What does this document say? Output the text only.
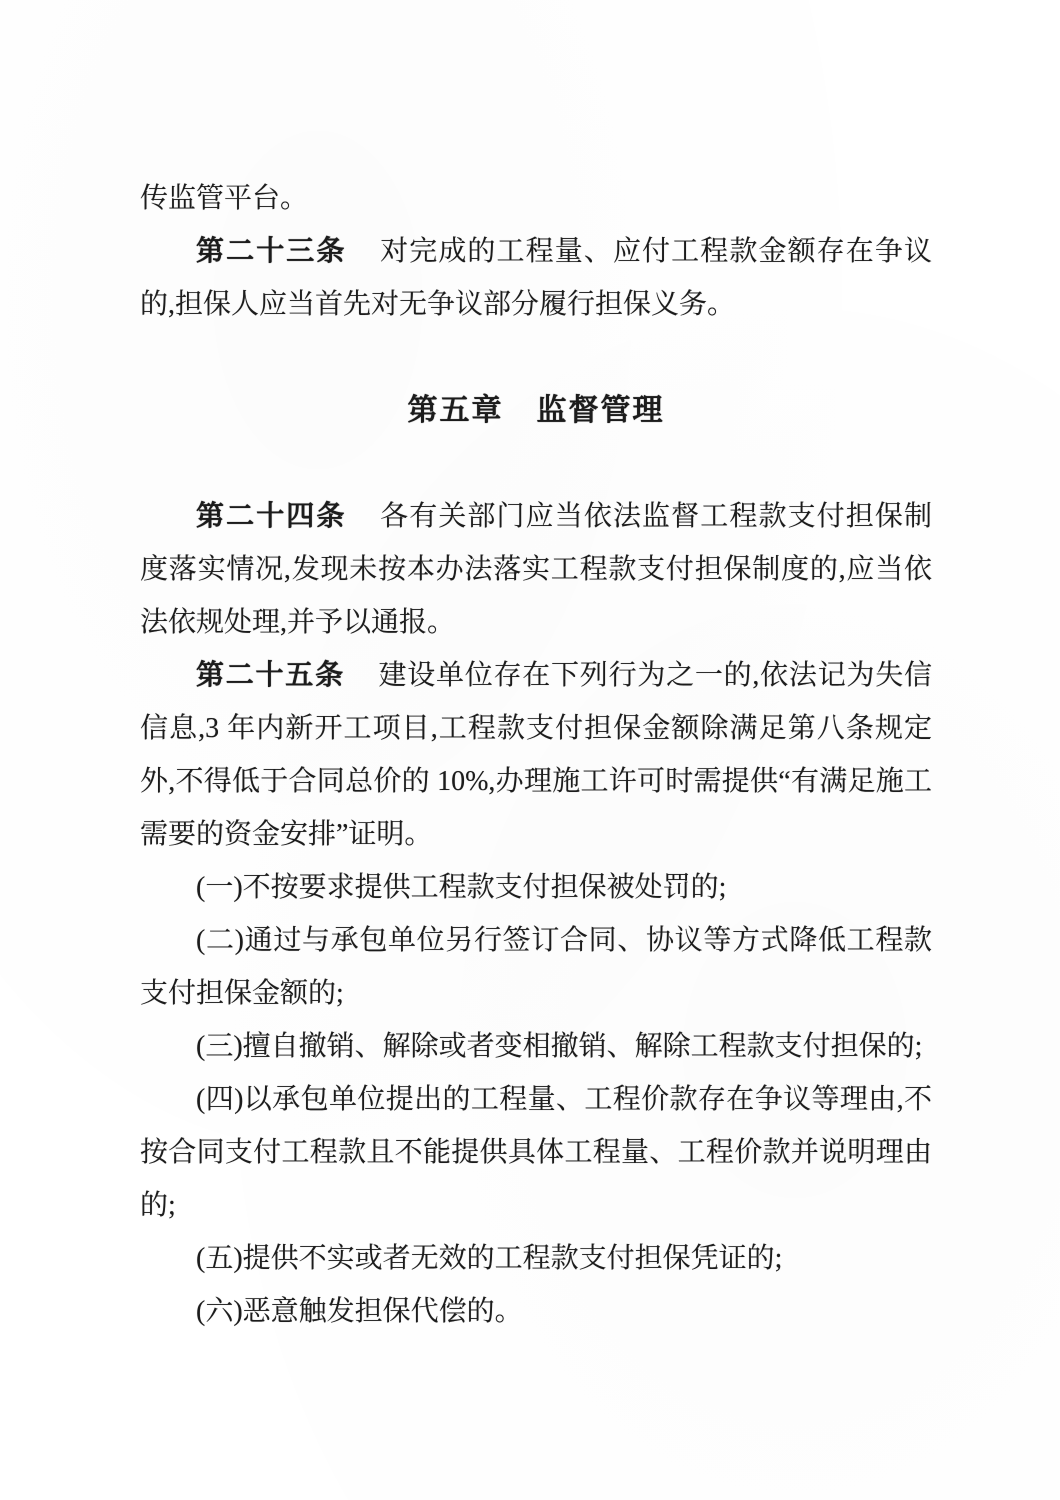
传监管平台。

第二十三条 对完成的工程量、应付工程款金额存在争议的,担保人应当首先对无争议部分履行担保义务。

第五章 监督管理

第二十四条 各有关部门应当依法监督工程款支付担保制度落实情况,发现未按本办法落实工程款支付担保制度的,应当依法依规处理,并予以通报。

第二十五条 建设单位存在下列行为之一的,依法记为失信信息,3 年内新开工项目,工程款支付担保金额除满足第八条规定外,不得低于合同总价的 10%,办理施工许可时需提供“有满足施工需要的资金安排”证明。

(一)不按要求提供工程款支付担保被处罚的;

(二)通过与承包单位另行签订合同、协议等方式降低工程款支付担保金额的;

(三)擅自撤销、解除或者变相撤销、解除工程款支付担保的;

(四)以承包单位提出的工程量、工程价款存在争议等理由,不按合同支付工程款且不能提供具体工程量、工程价款并说明理由的;

(五)提供不实或者无效的工程款支付担保凭证的;

(六)恶意触发担保代偿的。
